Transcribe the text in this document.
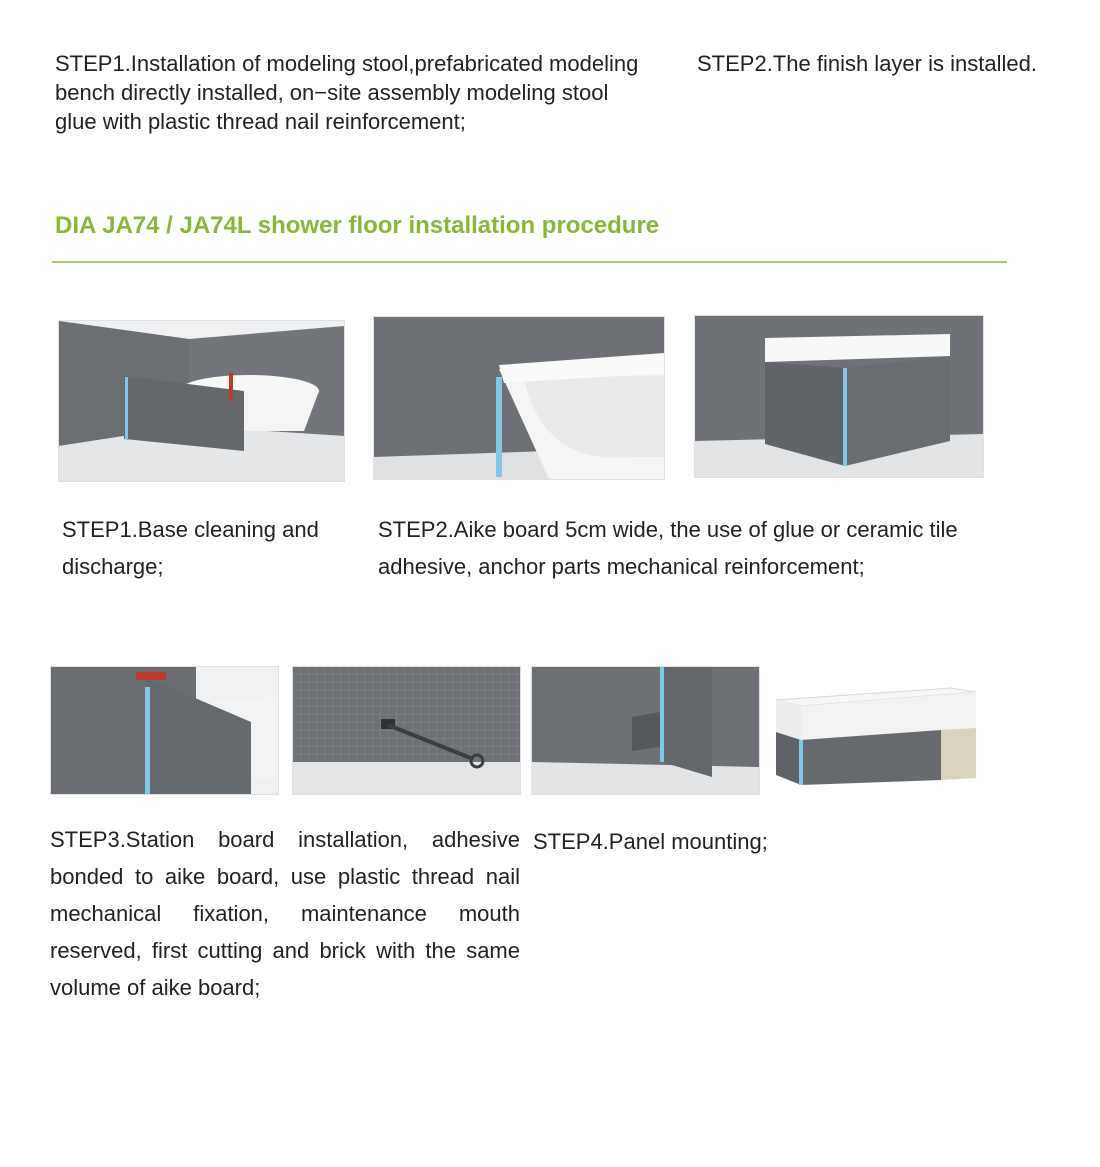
STEP1.Installation of modeling stool,prefabricated modeling bench directly installed, on−site assembly modeling stool glue with plastic thread nail reinforcement;

STEP2.The finish layer is installed.

DIA JA74 / JA74L shower floor installation procedure

STEP1.Base cleaning and discharge;

STEP2.Aike board 5cm wide, the use of glue or ceramic tile adhesive, anchor parts mechanical reinforcement;

STEP3.Station board installation, adhesive bonded to aike board, use plastic thread nail mechanical fixation, maintenance mouth reserved, first cutting and brick with the same volume of aike board;

STEP4.Panel mounting;
